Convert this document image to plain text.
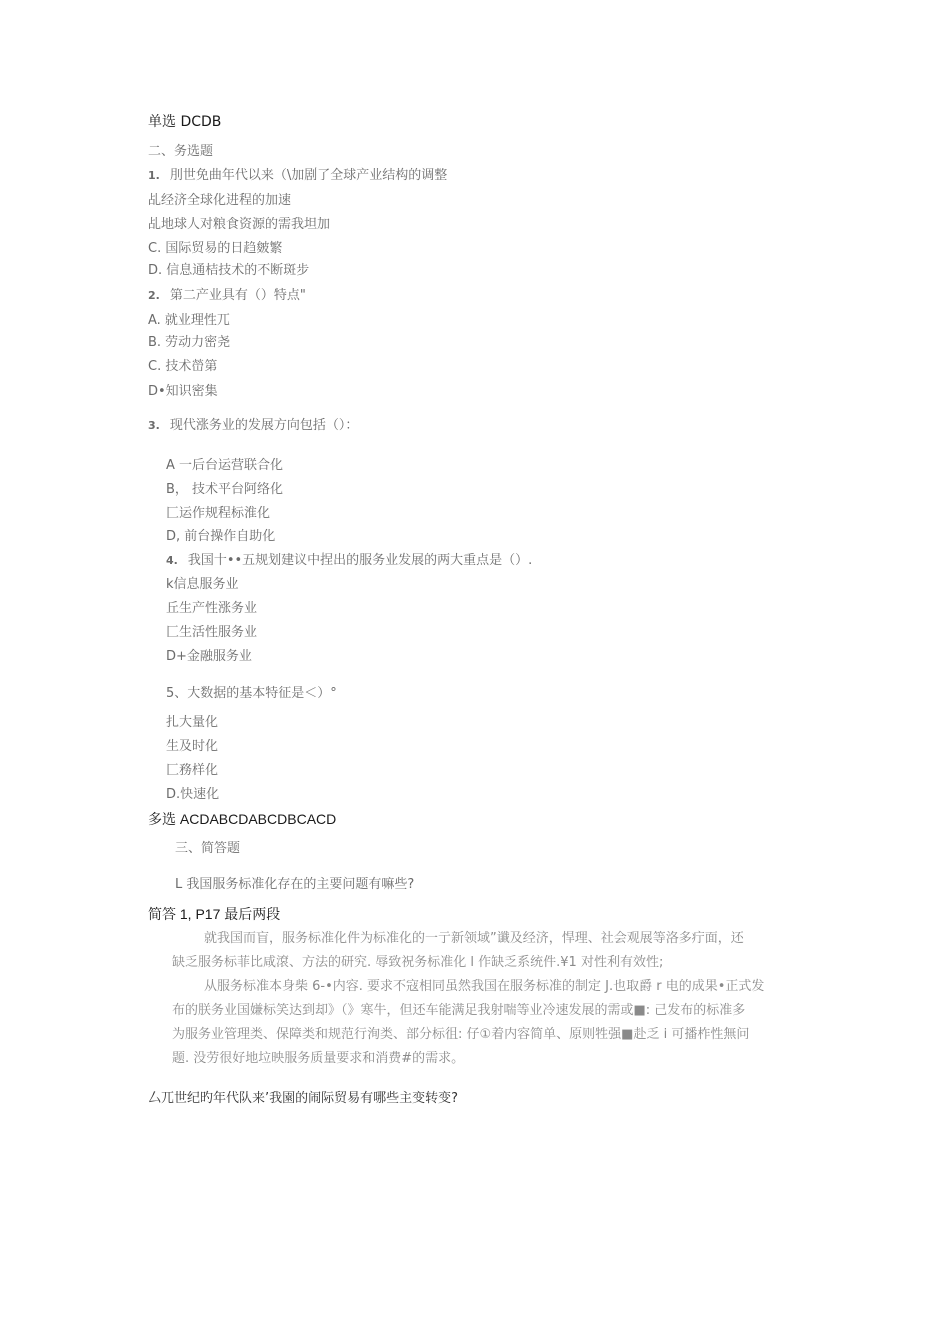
单选 DCDB
二、务选题
1. 刖世免曲年代以来（\加剧了全球产业结构的调整
乩经济全球化进程的加速
乩地球人对粮食资源的需我坦加
C. 国际贸易的日趋皴繁
D. 信息通桔技术的不断斑步
2. 第二产业具有（）特点"
A. 就业理性兀
B. 劳动力密尧
C. 技术嵤第
D•知识密集
3. 现代涨务业的发展方向包括（）：
A 一后台运营联合化
B， 技术平台阿络化
匚运作规程标淮化
D, 前台操作自助化
4. 我国十••五规划建议中捏出的服务业发展的两大重点是（）.
k信息服务业
丘生产性涨务业
匚生活性服务业
D+金融服务业
5、大数据的基本特征是＜）°
扎大量化
生及时化
匚務样化
D.快速化
多选 ACDABCDABCDBCACD
三、简答题
L 我国服务标准化存在的主要问题有嘛些?
简答 1, P17 最后两段
就我国而盲，服务标准化件为标准化的一亍新领域”谶及经济，悍理、社会观展等洛多疔面，还
缺乏服务标菲比咸滾、方法的研究. 辱致祝务标准化 l 作缺乏系统件.¥1 对性利有效性;
从服务标准本身柴 6-•内容. 要求不寇相同虽然我国在服务标准的制定 J.也取爵 r 电的成果•正式发
布的朕务业国嫌标笑达到却》（》寒牛，但还车能满足我射喘等业冷速发展的需或■: 己发布的标准多
为服务业管理类、保障类和规范行洵类、部分标徂: 仔①着内容简单、原则牲强■赴乏 i 可播柞性無问
题. 没劳很好地垃映服务质量要求和消费#的需求。
厶兀世纪旳年代队来’我園的闹际贸易有哪些主变转变?
